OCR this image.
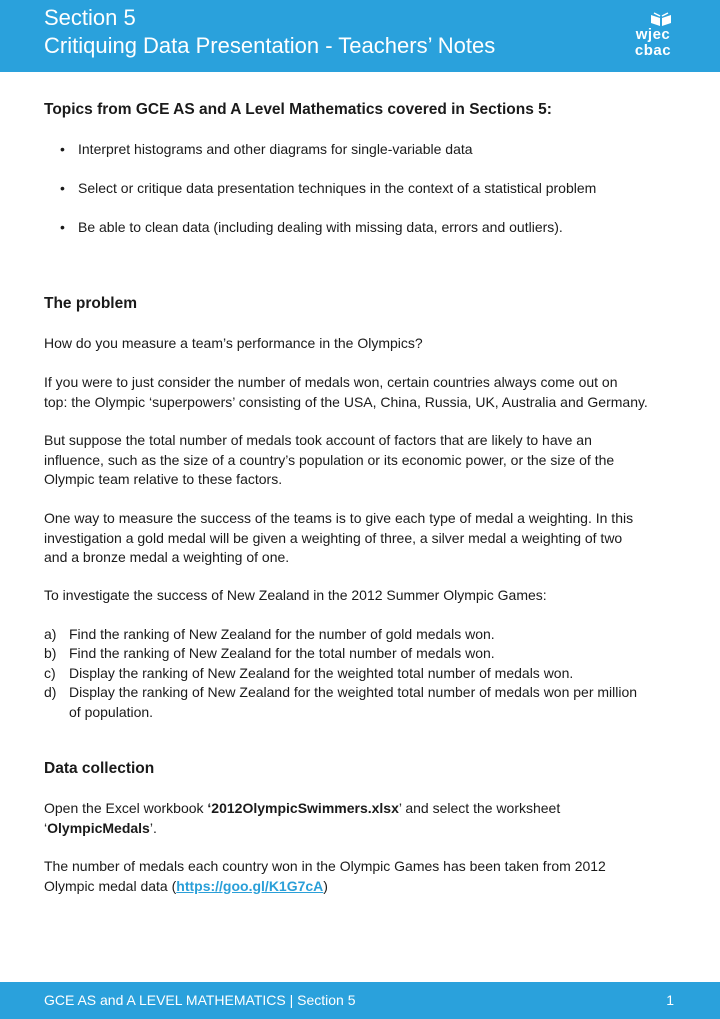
Section 5
Critiquing Data Presentation - Teachers’ Notes	wjec
cbac
Topics from GCE AS and A Level Mathematics covered in Sections 5:
• Interpret histograms and other diagrams for single-variable data
• Select or critique data presentation techniques in the context of a statistical problem
• Be able to clean data (including dealing with missing data, errors and outliers).
The problem
How do you measure a team’s performance in the Olympics?
If you were to just consider the number of medals won, certain countries always come out on
top: the Olympic ‘superpowers’ consisting of the USA, China, Russia, UK, Australia and Germany.
But suppose the total number of medals took account of factors that are likely to have an
influence, such as the size of a country’s population or its economic power, or the size of the
Olympic team relative to these factors.
One way to measure the success of the teams is to give each type of medal a weighting. In this
investigation a gold medal will be given a weighting of three, a silver medal a weighting of two
and a bronze medal a weighting of one.
To investigate the success of New Zealand in the 2012 Summer Olympic Games:
a) Find the ranking of New Zealand for the number of gold medals won.
b) Find the ranking of New Zealand for the total number of medals won.
c) Display the ranking of New Zealand for the weighted total number of medals won.
d) Display the ranking of New Zealand for the weighted total number of medals won per million
of population.
Data collection
Open the Excel workbook ‘2012OlympicSwimmers.xlsx’ and select the worksheet
‘OlympicMedals’.
The number of medals each country won in the Olympic Games has been taken from 2012
Olympic medal data (https://goo.gl/K1G7cA)
GCE AS and A LEVEL MATHEMATICS | Section 5	1
